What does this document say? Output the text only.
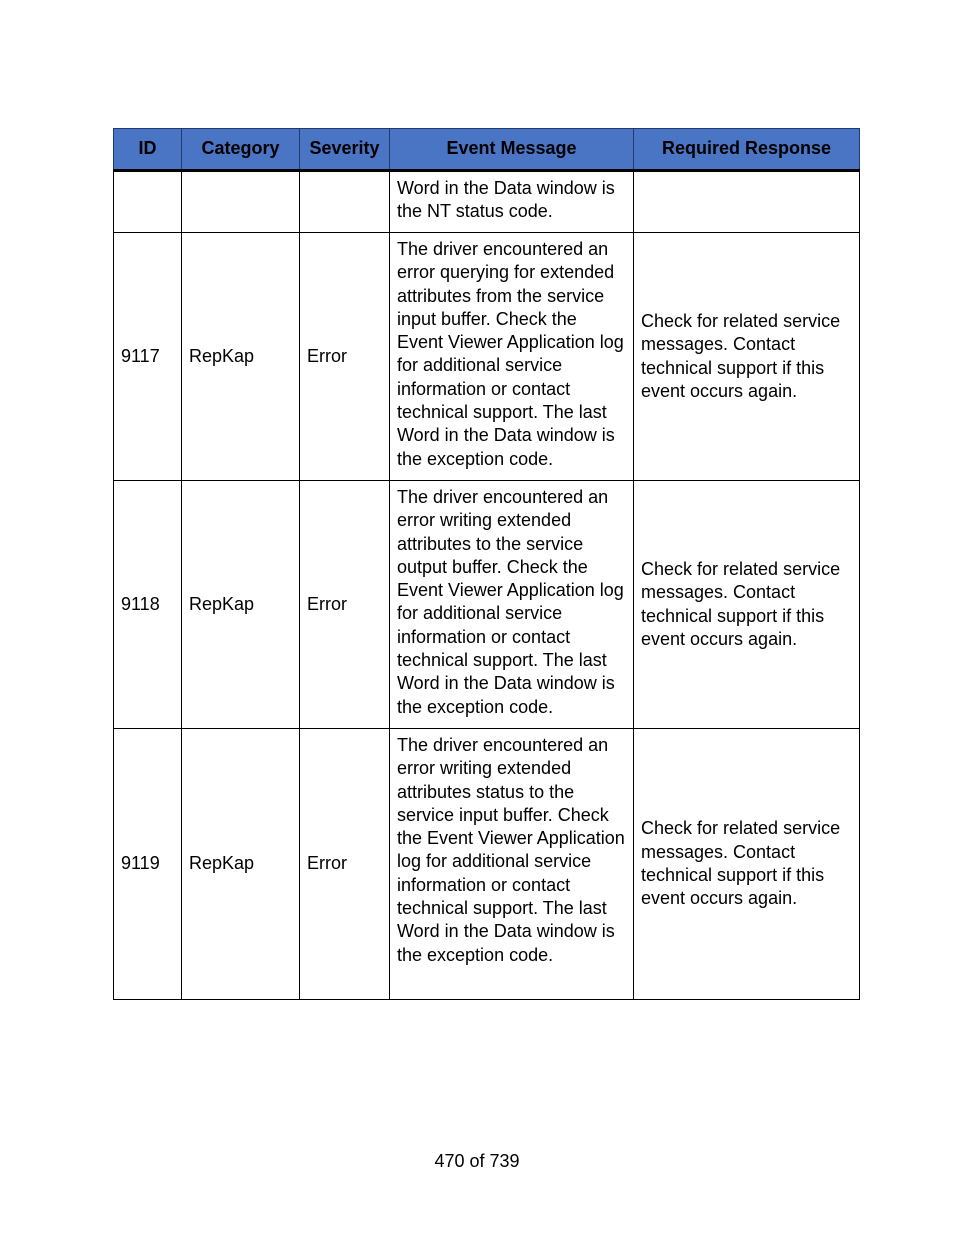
ID	Category	Severity	Event Message	Required Response
			Word in the Data window is the NT status code.	
9117	RepKap	Error	The driver encountered an error querying for extended attributes from the service input buffer. Check the Event Viewer Application log for additional service information or contact technical support. The last Word in the Data window is the exception code.	Check for related service messages. Contact technical support if this event occurs again.
9118	RepKap	Error	The driver encountered an error writing extended attributes to the service output buffer. Check the Event Viewer Application log for additional service information or contact technical support. The last Word in the Data window is the exception code.	Check for related service messages. Contact technical support if this event occurs again.
9119	RepKap	Error	The driver encountered an error writing extended attributes status to the service input buffer. Check the Event Viewer Application log for additional service information or contact technical support. The last Word in the Data window is the exception code.	Check for related service messages. Contact technical support if this event occurs again.
470 of 739
